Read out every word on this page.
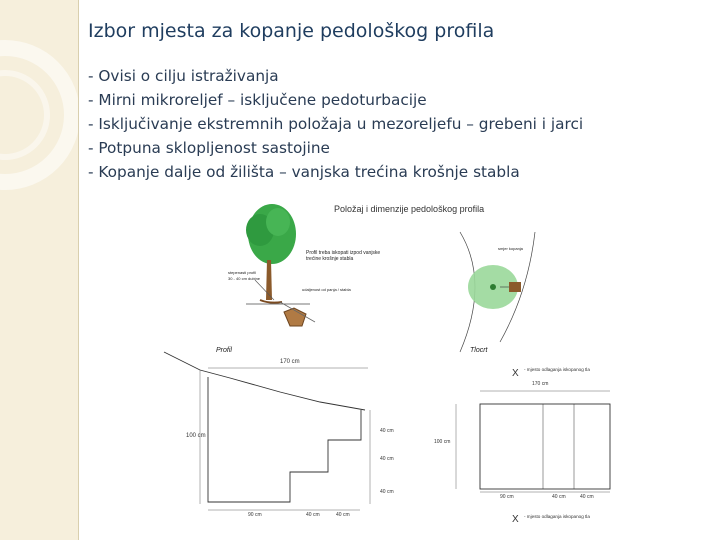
Izbor mjesta za kopanje pedološkog profila
- Ovisi o cilju istraživanja
- Mirni mikroreljef – isključene pedoturbacije
- Isključivanje ekstremnih položaja u mezoreljefu – grebeni i jarci
- Potpuna sklopljenost sastojine
- Kopanje dalje od žilišta – vanjska trećina krošnje stabla
Položaj i dimenzije pedološkog profila
Profil treba iskopati izpod vanjske
trećine krošnje stabla
stepenasti profil
30 - 40 cm dubine
udaljenost od panja / stabla
smjer kopanja
Profil
170 cm
100 cm
40 cm
40 cm
40 cm
90 cm	40 cm	40 cm
Tlocrt
X - mjesto odlaganja iskopanog tla
170 cm
100 cm
90 cm	40 cm	40 cm
X - mjesto odlaganja iskopanog tla
